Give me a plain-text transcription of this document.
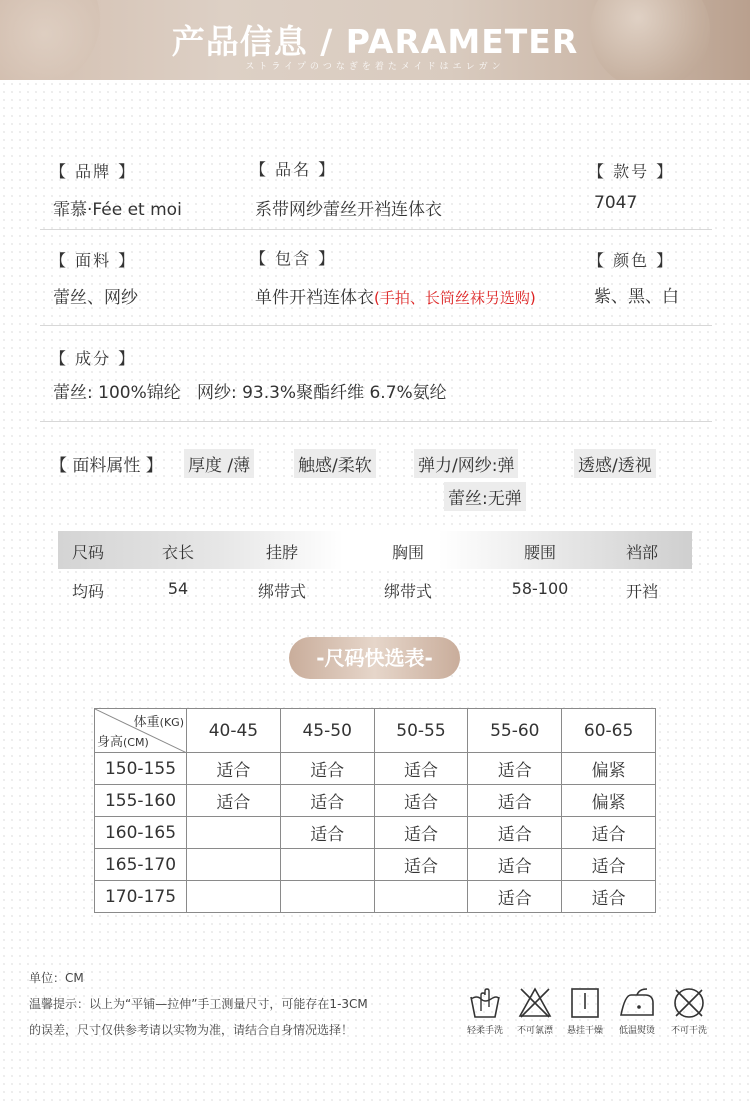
产品信息 / PARAMETER
ストライプのつなぎを着たメイドはエレガン
【 品牌 】
霏慕·Fée et moi
【 品名 】
系带网纱蕾丝开裆连体衣
【 款号 】
7047
【 面料 】
蕾丝、网纱
【 包含 】
单件开裆连体衣(手拍、长筒丝袜另选购)
【 颜色 】
紫、黑、白
【 成分 】
蕾丝: 100%锦纶   网纱: 93.3%聚酯纤维 6.7%氨纶
【 面料属性 】 厚度 /薄	触感/柔软	弹力/网纱:弹
蕾丝:无弹
透感/透视
尺码	衣长	挂脖	胸围	腰围	裆部
均码	54	绑带式	绑带式	58-100	开裆
-尺码快选表-
体重(KG)
身高(CM)	40-45	45-50	50-55	55-60	60-65
150-155	适合	适合	适合	适合	偏紧
155-160	适合	适合	适合	适合	偏紧
160-165		适合	适合	适合	适合
165-170			适合	适合	适合
170-175				适合	适合
单位：CM
温馨提示：以上为“平铺—拉伸”手工测量尺寸，可能存在1-3CM
的误差，尺寸仅供参考请以实物为准，请结合自身情况选择！	轻柔手洗	不可氯漂	悬挂干燥	低温熨烫	不可干洗
